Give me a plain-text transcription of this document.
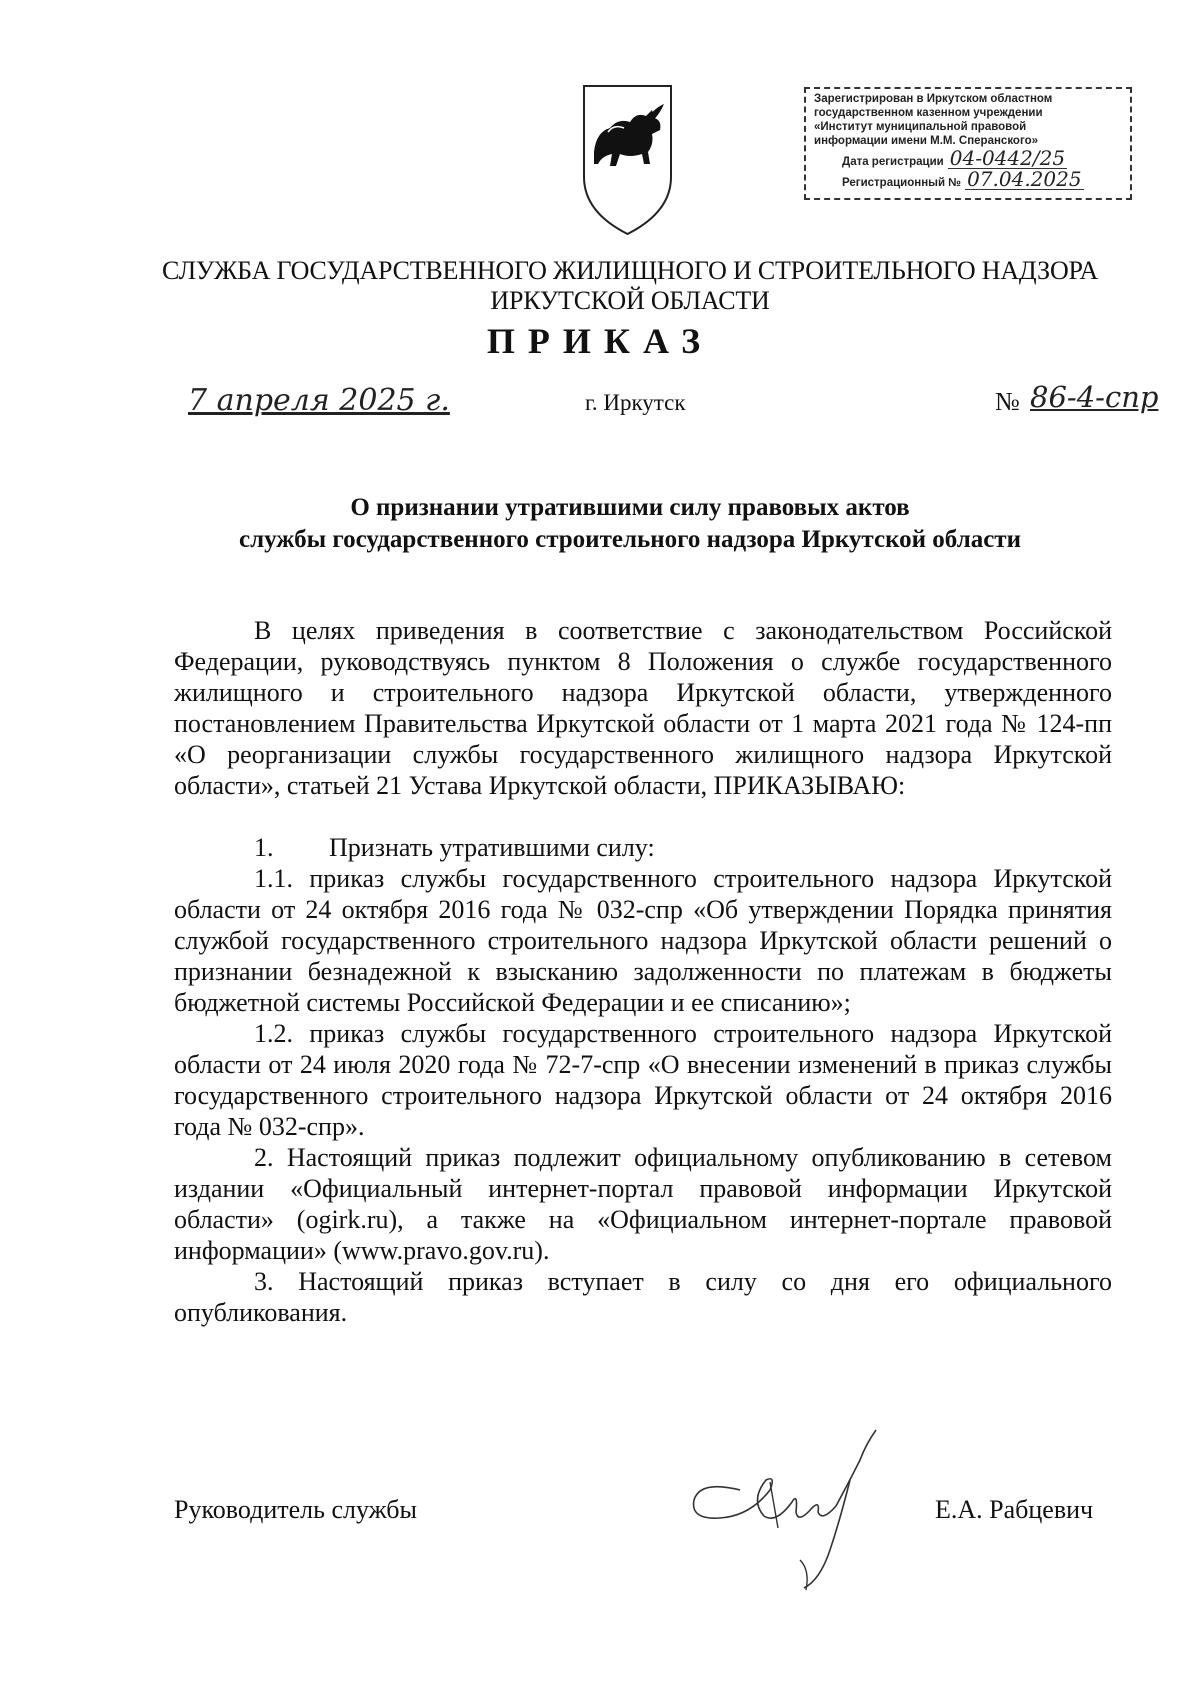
Зарегистрирован в Иркутском областном
государственном казенном учреждении
«Институт муниципальной правовой
информации имени М.М. Сперанского»
Дата регистрации 04-0442/25
Регистрационный № 07.04.2025
СЛУЖБА ГОСУДАРСТВЕННОГО ЖИЛИЩНОГО И СТРОИТЕЛЬНОГО НАДЗОРА
ИРКУТСКОЙ ОБЛАСТИ
ПРИКАЗ
7 апреля 2025 г.	г. Иркутск	№ 86-4-спр
О признании утратившими силу правовых актов
службы государственного строительного надзора Иркутской области

В целях приведения в соответствие с законодательством Российской Федерации, руководствуясь пунктом 8 Положения о службе государственного жилищного и строительного надзора Иркутской области, утвержденного постановлением Правительства Иркутской области от 1 марта 2021 года № 124-пп «О реорганизации службы государственного жилищного надзора Иркутской области», статьей 21 Устава Иркутской области, ПРИКАЗЫВАЮ:

1. Признать утратившими силу:

1.1. приказ службы государственного строительного надзора Иркутской области от 24 октября 2016 года № 032-спр «Об утверждении Порядка принятия службой государственного строительного надзора Иркутской области решений о признании безнадежной к взысканию задолженности по платежам в бюджеты бюджетной системы Российской Федерации и ее списанию»;

1.2. приказ службы государственного строительного надзора Иркутской области от 24 июля 2020 года № 72-7-спр «О внесении изменений в приказ службы государственного строительного надзора Иркутской области от 24 октября 2016 года № 032-спр».

2. Настоящий приказ подлежит официальному опубликованию в сетевом издании «Официальный интернет-портал правовой информации Иркутской области» (ogirk.ru), а также на «Официальном интернет-портале правовой информации» (www.pravo.gov.ru).

3. Настоящий приказ вступает в силу со дня его официального опубликования.

Руководитель службы	Е.А. Рабцевич
